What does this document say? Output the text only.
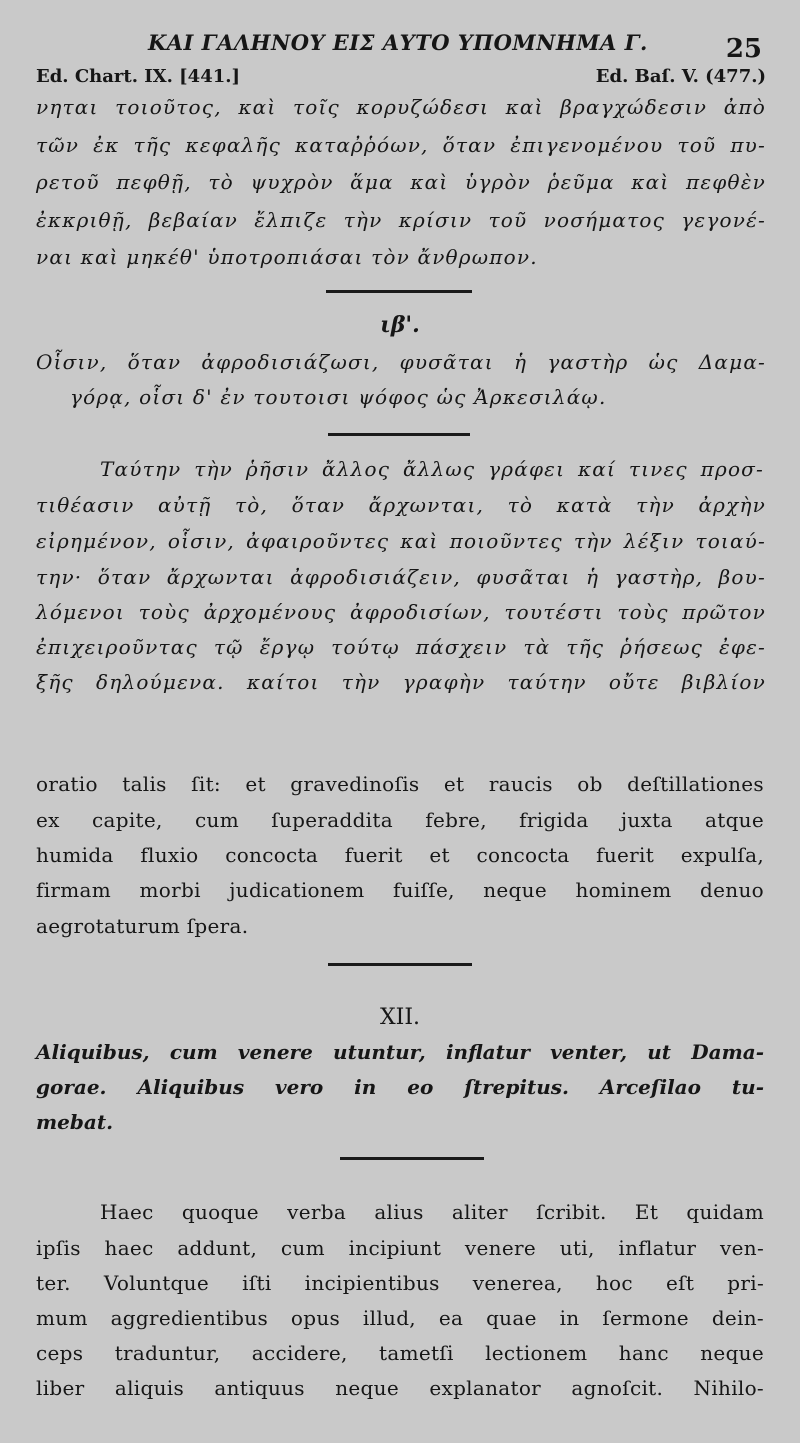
ΚΑΙ ΓΑΛΗΝΟΥ ΕΙΣ ΑΥΤΟ ΥΠΟΜΝΗΜΑ Γ.	25
Ed. Chart. IX. [441.]	Ed. Baſ. V. (477.)
νηται τοιοῦτος, καὶ τοῖς κορυζώδεσι καὶ βραγχώδεσιν ἀπὸ
τῶν ἐκ τῆς κεφαλῆς καταῤῥόων, ὅταν ἐπιγενομένου τοῦ πυ-
ρετοῦ πεφθῇ, τὸ ψυχρὸν ἅμα καὶ ὑγρὸν ῥεῦμα καὶ πεφθὲν
ἐκκριθῇ, βεβαίαν ἔλπιζε τὴν κρίσιν τοῦ νοσήματος γεγονέ-
ναι καὶ μηκέθ' ὑποτροπιάσαι τὸν ἄνθρωπον.
ιβ'.
Οἷσιν, ὅταν ἀφροδισιάζωσι, φυσᾶται ἡ γαστὴρ ὡς Δαμα-
γόρᾳ, οἷσι δ' ἐν τουτοισι ψόφος ὡς Ἀρκεσιλάῳ.
Ταύτην τὴν ῥῆσιν ἄλλος ἄλλως γράφει καί τινες προσ-
τιθέασιν αὐτῇ τὸ, ὅταν ἄρχωνται, τὸ κατὰ τὴν ἀρχὴν
εἰρημένον, οἷσιν, ἀφαιροῦντες καὶ ποιοῦντες τὴν λέξιν τοιαύ-
την· ὅταν ἄρχωνται ἀφροδισιάζειν, φυσᾶται ἡ γαστὴρ, βου-
λόμενοι τοὺς ἀρχομένους ἀφροδισίων, τουτέστι τοὺς πρῶτον
ἐπιχειροῦντας τῷ ἔργῳ τούτῳ πάσχειν τὰ τῆς ῥήσεως ἐφε-
ξῆς δηλούμενα. καίτοι τὴν γραφὴν ταύτην οὔτε βιβλίον
oratio talis ſit: et gravedinoſis et raucis ob deſtillationes
ex capite, cum ſuperaddita febre, frigida juxta atque
humida fluxio concocta fuerit et concocta fuerit expulſa,
firmam morbi judicationem fuiſſe, neque hominem denuo
aegrotaturum ſpera.
XII.
Aliquibus, cum venere utuntur, inflatur venter, ut Dama-
gorae. Aliquibus vero in eo ſtrepitus. Arceſilao tu-
mebat.
Haec quoque verba alius aliter ſcribit. Et quidam
ipſis haec addunt, cum incipiunt venere uti, inflatur ven-
ter. Voluntque iſti incipientibus venerea, hoc eſt pri-
mum aggredientibus opus illud, ea quae in ſermone dein-
ceps traduntur, accidere, tametſi lectionem hanc neque
liber aliquis antiquus neque explanator agnoſcit. Nihilo-
